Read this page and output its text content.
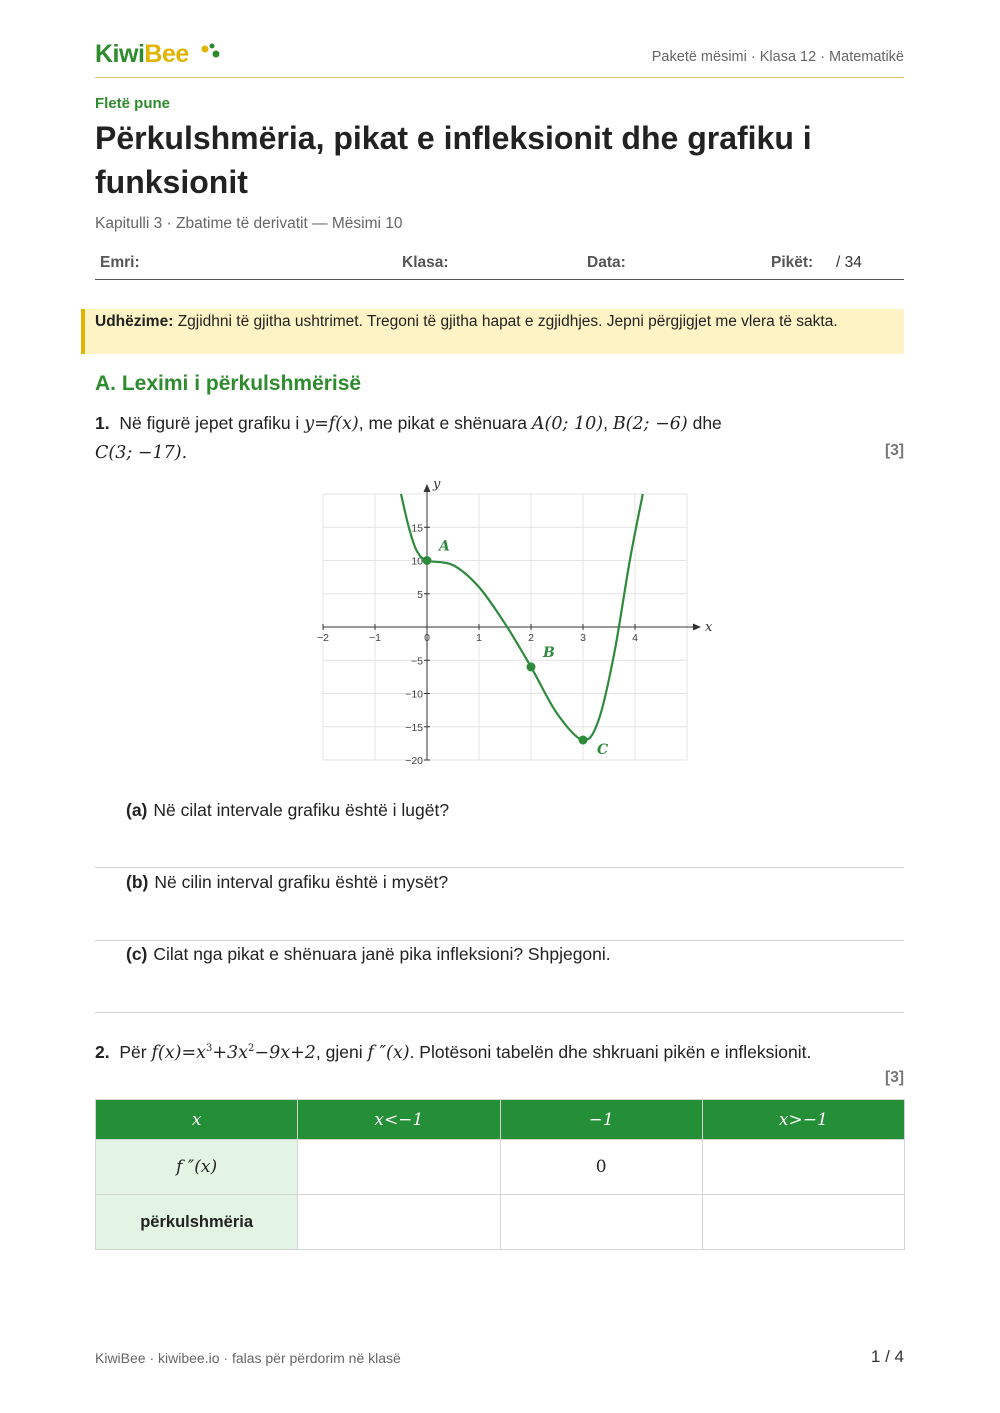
KiwiBee	Paketë mësimi · Klasa 12 · Matematikë
Fletë pune
Përkulshmëria, pikat e infleksionit dhe grafiku i funksionit
Kapitulli 3 · Zbatime të derivatit — Mësimi 10
Emri:	Klasa:	Data:	Pikët: / 34
Udhëzime: Zgjidhni të gjitha ushtrimet. Tregoni të gjitha hapat e zgjidhjes. Jepni përgjigjet me vlera të sakta.
A. Leximi i përkulshmërisë
1. Në figurë jepet grafiku i y=f(x), me pikat e shënuara A(0; 10), B(2; −6) dhe
C(3; −17).	[3]
x
y
−2	−1	0	1	2	3	4
−20
−15
−10
−5
5
10
15
A
B
C
(a) Në cilat intervale grafiku është i lugët?
(b) Në cilin interval grafiku është i mysët?
(c) Cilat nga pikat e shënuara janë pika infleksioni? Shpjegoni.
2. Për $f(x)=x^3+3x^2-9x+2$, gjeni f ″(x). Plotësoni tabelën dhe shkruani pikën e infleksionit.
[3]
x	x<−1	−1	x>−1
f ″(x)		0	
përkulshmëria			
KiwiBee · kiwibee.io · falas për përdorim në klasë	1 / 4
